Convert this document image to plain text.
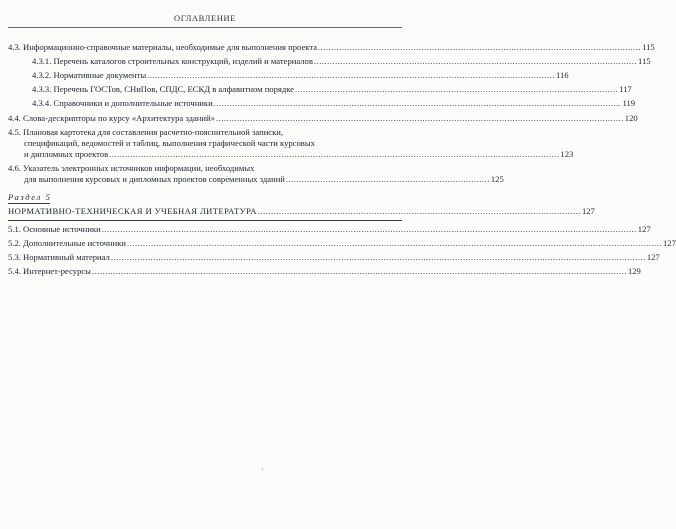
ОГЛАВЛЕНИЕ
4.3. Информационно-справочные материалы, необходимые для выполнения проекта .......................................................................................................................... 115
4.3.1. Перечень каталогов строительных конструкций, изделий и материалов .......................................................................................................................... 115
4.3.2. Нормативные документы .......................................................................................................................................................... 116
4.3.3. Перечень ГОСТов, СНиПов, СПДС, ЕСКД в алфавитном порядке .......................................................................................................................... 117
4.3.4. Справочники и дополнительные источники .......................................................................................................................................................... 119
4.4. Слова-дескрипторы по курсу «Архитектура зданий» .......................................................................................................................................................... 120
4.5. Плановая картотека для составления расчетно-пояснительной записки,
спецификаций, ведомостей и таблиц, выполнения графической части курсовых
и дипломных проектов .......................................................................................................................................................................... 123
4.6. Указатель электронных источников информации, необходимых
для выполнения курсовых и дипломных проектов современных зданий ............................................................................. 125
Раздел 5
НОРМАТИВНО-ТЕХНИЧЕСКАЯ И УЧЕБНАЯ ЛИТЕРАТУРА .......................................................................................................................... 127
5.1. Основные источники .......................................................................................................................................................................................................... 127
5.2. Дополнительные источники .......................................................................................................................................................................................................... 127
5.3. Нормативный материал .......................................................................................................................................................................................................... 127
5.4. Интернет-ресурсы .......................................................................................................................................................................................................... 129
